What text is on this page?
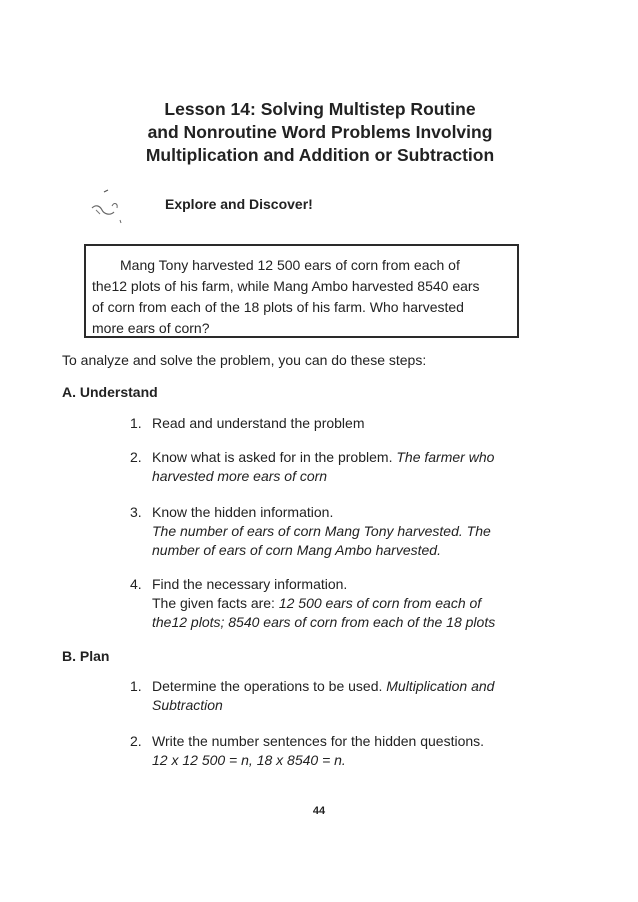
Lesson 14: Solving Multistep Routine
and Nonroutine Word Problems Involving
Multiplication and Addition or Subtraction
Explore and Discover!
Mang Tony harvested 12 500 ears of corn from each of
the12 plots of his farm, while Mang Ambo harvested 8540 ears
of corn from each of the 18 plots of his farm. Who harvested
more ears of corn?
To analyze and solve the problem, you can do these steps:
A. Understand
1. Read and understand the problem
2. Know what is asked for in the problem. The farmer who
harvested more ears of corn
3. Know the hidden information.
The number of ears of corn Mang Tony harvested. The
number of ears of corn Mang Ambo harvested.
4. Find the necessary information.
The given facts are: 12 500 ears of corn from each of
the12 plots; 8540 ears of corn from each of the 18 plots
B. Plan
1. Determine the operations to be used. Multiplication and
Subtraction
2. Write the number sentences for the hidden questions.
12 x 12 500 = n, 18 x 8540 = n.
44
